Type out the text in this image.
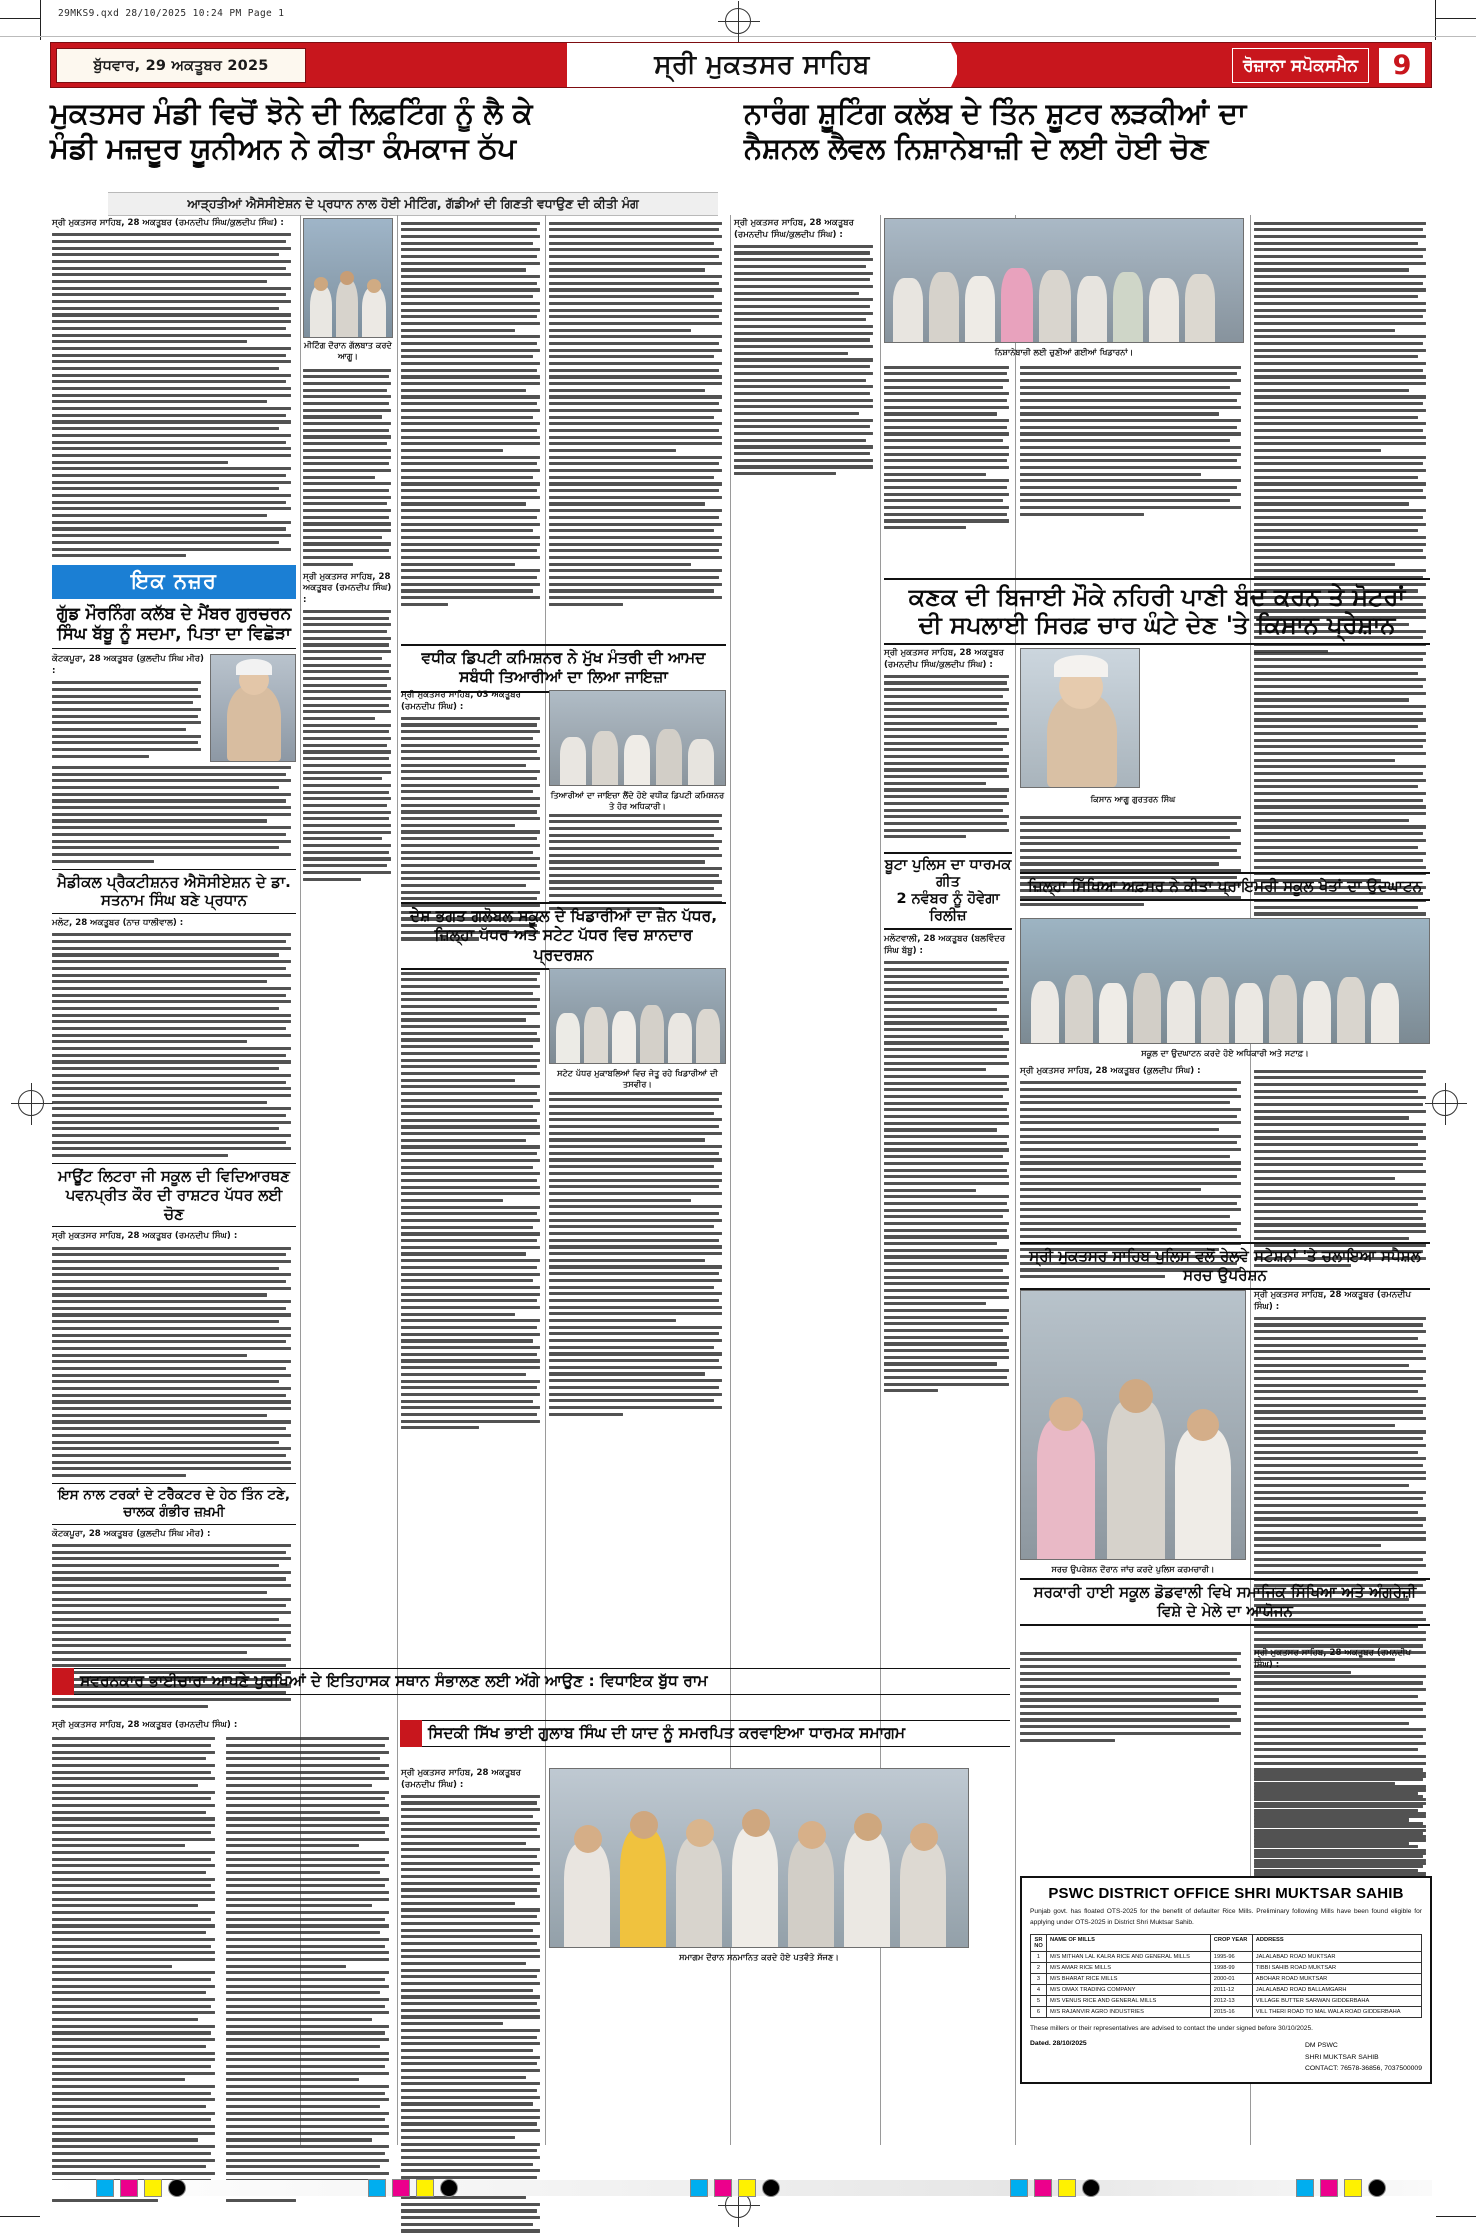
29MKS9.qxd 28/10/2025 10:24 PM Page 1
ਬੁੱਧਵਾਰ, 29 ਅਕਤੂਬਰ 2025	ਸ੍ਰੀ ਮੁਕਤਸਰ ਸਾਹਿਬ	ਰੋਜ਼ਾਨਾ ਸਪੋਕਸਮੈਨ	9
ਮੁਕਤਸਰ ਮੰਡੀ ਵਿਚੋਂ ਝੋਨੇ ਦੀ ਲਿਫ਼ਟਿੰਗ ਨੂੰ ਲੈ ਕੇ
ਮੰਡੀ ਮਜ਼ਦੂਰ ਯੂਨੀਅਨ ਨੇ ਕੀਤਾ ਕੰਮਕਾਜ ਠੱਪ
ਨਾਰੰਗ ਸ਼ੂਟਿੰਗ ਕਲੱਬ ਦੇ ਤਿੰਨ ਸ਼ੂਟਰ ਲੜਕੀਆਂ ਦਾ
ਨੈਸ਼ਨਲ ਲੈਵਲ ਨਿਸ਼ਾਨੇਬਾਜ਼ੀ ਦੇ ਲਈ ਹੋਈ ਚੋਣ
ਆੜ੍ਹਤੀਆਂ ਐਸੋਸੀਏਸ਼ਨ ਦੇ ਪ੍ਰਧਾਨ ਨਾਲ ਹੋਈ ਮੀਟਿੰਗ, ਗੱਡੀਆਂ ਦੀ ਗਿਣਤੀ ਵਧਾਉਣ ਦੀ ਕੀਤੀ ਮੰਗ
ਸ੍ਰੀ ਮੁਕਤਸਰ ਸਾਹਿਬ, 28 ਅਕਤੂਬਰ (ਰਮਨਦੀਪ ਸਿੰਘ/ਕੁਲਦੀਪ ਸਿੰਘ) :
ਇਕ ਨਜ਼ਰ
ਗੁੱਡ ਮੌਰਨਿੰਗ ਕਲੱਬ ਦੇ ਮੈਂਬਰ ਗੁਰਚਰਨ ਸਿੰਘ ਬੱਬੂ ਨੂੰ ਸਦਮਾ, ਪਿਤਾ ਦਾ ਵਿਛੋੜਾ
ਕੋਟਕਪੂਰਾ, 28 ਅਕਤੂਬਰ (ਕੁਲਦੀਪ ਸਿੰਘ ਮੀਰ) :
ਮੈਡੀਕਲ ਪ੍ਰੈਕਟੀਸ਼ਨਰ ਐਸੋਸੀਏਸ਼ਨ ਦੇ ਡਾ. ਸਤਨਾਮ ਸਿੰਘ ਬਣੇ ਪ੍ਰਧਾਨ
ਮਲੋਟ, 28 ਅਕਤੂਬਰ (ਨਾਜ਼ ਧਾਲੀਵਾਲ) :
ਮਾਊਂਟ ਲਿਟਰਾ ਜੀ ਸਕੂਲ ਦੀ ਵਿਦਿਆਰਥਣ ਪਵਨਪ੍ਰੀਤ ਕੌਰ ਦੀ ਰਾਸ਼ਟਰ ਪੱਧਰ ਲਈ ਚੋਣ
ਸ੍ਰੀ ਮੁਕਤਸਰ ਸਾਹਿਬ, 28 ਅਕਤੂਬਰ (ਰਮਨਦੀਪ ਸਿੰਘ) :
ਇਸ ਨਾਲ ਟਰਕਾਂ ਦੇ ਟਰੈਕਟਰ ਦੇ ਹੇਠ ਤਿੰਨ ਟਣੇ, ਚਾਲਕ ਗੰਭੀਰ ਜ਼ਖ਼ਮੀ
ਕੋਟਕਪੂਰਾ, 28 ਅਕਤੂਬਰ (ਕੁਲਦੀਪ ਸਿੰਘ ਮੀਰ) :
ਮੀਟਿੰਗ ਦੌਰਾਨ ਗੱਲਬਾਤ ਕਰਦੇ ਆਗੂ।
ਸ੍ਰੀ ਮੁਕਤਸਰ ਸਾਹਿਬ, 28 ਅਕਤੂਬਰ (ਰਮਨਦੀਪ ਸਿੰਘ) :
ਸ੍ਰੀ ਮੁਕਤਸਰ ਸਾਹਿਬ, 28 ਅਕਤੂਬਰ (ਰਮਨਦੀਪ ਸਿੰਘ/ਕੁਲਦੀਪ ਸਿੰਘ) :
ਨਿਸ਼ਾਨੇਬਾਜ਼ੀ ਲਈ ਚੁਣੀਆਂ ਗਈਆਂ ਖਿਡਾਰਨਾਂ।
ਵਧੀਕ ਡਿਪਟੀ ਕਮਿਸ਼ਨਰ ਨੇ ਮੁੱਖ ਮੰਤਰੀ ਦੀ ਆਮਦ ਸਬੰਧੀ ਤਿਆਰੀਆਂ ਦਾ ਲਿਆ ਜਾਇਜ਼ਾ
ਸ੍ਰੀ ਮੁਕਤਸਰ ਸਾਹਿਬ, 03 ਅਕਤੂਬਰ (ਰਮਨਦੀਪ ਸਿੰਘ) :
ਤਿਆਰੀਆਂ ਦਾ ਜਾਇਜ਼ਾ ਲੈਂਦੇ ਹੋਏ ਵਧੀਕ ਡਿਪਟੀ ਕਮਿਸ਼ਨਰ ਤੇ ਹੋਰ ਅਧਿਕਾਰੀ।
ਦੇਸ਼ ਭਗਤ ਗਲੋਬਲ ਸਕੂਲ ਦੇ ਖਿਡਾਰੀਆਂ ਦਾ ਜ਼ੋਨ ਪੱਧਰ, ਜ਼ਿਲ੍ਹਾ ਪੱਧਰ ਅਤੇ ਸਟੇਟ ਪੱਧਰ ਵਿਚ ਸ਼ਾਨਦਾਰ ਪ੍ਰਦਰਸ਼ਨ
ਸਟੇਟ ਪੱਧਰ ਮੁਕਾਬਲਿਆਂ ਵਿਚ ਜੇਤੂ ਰਹੇ ਖਿਡਾਰੀਆਂ ਦੀ ਤਸਵੀਰ।
ਕਣਕ ਦੀ ਬਿਜਾਈ ਮੌਕੇ ਨਹਿਰੀ ਪਾਣੀ ਬੰਦ ਕਰਨ ਤੇ ਮੋਟਰਾਂ
ਦੀ ਸਪਲਾਈ ਸਿਰਫ਼ ਚਾਰ ਘੰਟੇ ਦੇਣ 'ਤੇ ਕਿਸਾਨ ਪ੍ਰੇਸ਼ਾਨ
ਸ੍ਰੀ ਮੁਕਤਸਰ ਸਾਹਿਬ, 28 ਅਕਤੂਬਰ (ਰਮਨਦੀਪ ਸਿੰਘ/ਕੁਲਦੀਪ ਸਿੰਘ) :
ਕਿਸਾਨ ਆਗੂ ਗੁਰਤਰਨ ਸਿੰਘ
ਬੂਟਾ ਪੁਲਿਸ ਦਾ ਧਾਰਮਕ ਗੀਤ
2 ਨਵੰਬਰ ਨੂੰ ਹੋਵੇਗਾ ਰਿਲੀਜ਼
ਮਲੋਟਵਾਲੀ, 28 ਅਕਤੂਬਰ (ਬਲਵਿੰਦਰ ਸਿੰਘ ਬੱਬੂ) :
ਜ਼ਿਲ੍ਹਾ ਸਿੱਖਿਆ ਅਫ਼ਸਰ ਨੇ ਕੀਤਾ ਪ੍ਰਾਇਮਰੀ ਸਕੂਲ ਖੇਤਾਂ ਦਾ ਉਦਘਾਟਨ
ਸਕੂਲ ਦਾ ਉਦਘਾਟਨ ਕਰਦੇ ਹੋਏ ਅਧਿਕਾਰੀ ਅਤੇ ਸਟਾਫ਼।
ਸ੍ਰੀ ਮੁਕਤਸਰ ਸਾਹਿਬ, 28 ਅਕਤੂਬਰ (ਕੁਲਦੀਪ ਸਿੰਘ) :
ਸ੍ਰੀ ਮੁਕਤਸਰ ਸਾਹਿਬ ਪੁਲਿਸ ਵਲੋਂ ਰੇਲਵੇ ਸਟੇਸ਼ਨਾਂ 'ਤੇ ਚਲਾਇਆ ਸਪੈਸ਼ਲ ਸਰਚ ਉਪਰੇਸ਼ਨ
ਸਰਚ ਉਪਰੇਸ਼ਨ ਦੌਰਾਨ ਜਾਂਚ ਕਰਦੇ ਪੁਲਿਸ ਕਰਮਚਾਰੀ।
ਸ੍ਰੀ ਮੁਕਤਸਰ ਸਾਹਿਬ, 28 ਅਕਤੂਬਰ (ਰਮਨਦੀਪ ਸਿੰਘ) :
ਸਰਕਾਰੀ ਹਾਈ ਸਕੂਲ ਡੋਡਵਾਲੀ ਵਿਖੇ ਸਮਾਜਿਕ ਸਿੱਖਿਆ ਅਤੇ ਅੰਗਰੇਜ਼ੀ ਵਿਸ਼ੇ ਦੇ ਮੇਲੇ ਦਾ ਆਯੋਜਨ
ਸ੍ਰੀ ਮੁਕਤਸਰ ਸਾਹਿਬ, 28 ਅਕਤੂਬਰ (ਰਮਨਦੀਪ ਸਿੰਘ) :
ਸਵਰਨਕਾਰ ਭਾਈਚਾਰਾ ਆਪਣੇ ਪੁਰਖਿਆਂ ਦੇ ਇਤਿਹਾਸਕ ਸਥਾਨ ਸੰਭਾਲਣ ਲਈ ਅੱਗੇ ਆਉਣ : ਵਿਧਾਇਕ ਬੁੱਧ ਰਾਮ
ਸਿਦਕੀ ਸਿੱਖ ਭਾਈ ਗੁਲਾਬ ਸਿੰਘ ਦੀ ਯਾਦ ਨੂੰ ਸਮਰਪਿਤ ਕਰਵਾਇਆ ਧਾਰਮਕ ਸਮਾਗਮ
ਸਮਾਗਮ ਦੌਰਾਨ ਸਨਮਾਨਿਤ ਕਰਦੇ ਹੋਏ ਪਤਵੰਤੇ ਸੱਜਣ।
ਸ੍ਰੀ ਮੁਕਤਸਰ ਸਾਹਿਬ, 28 ਅਕਤੂਬਰ (ਰਮਨਦੀਪ ਸਿੰਘ) :
ਸ੍ਰੀ ਮੁਕਤਸਰ ਸਾਹਿਬ, 28 ਅਕਤੂਬਰ (ਰਮਨਦੀਪ ਸਿੰਘ) :
PSWC DISTRICT OFFICE SHRI MUKTSAR SAHIB
Punjab govt. has floated OTS-2025 for the benefit of defaulter Rice Mills. Preliminary following Mills have been found eligible for applying under OTS-2025 in District Shri Muktsar Sahib.
SR NO	NAME OF MILLS	CROP YEAR	ADDRESS
1	M/S MITHAN LAL KALRA RICE AND GENERAL MILLS	1995-96	JALALABAD ROAD MUKTSAR
2	M/S AMAR RICE MILLS	1998-99	TIBBI SAHIB ROAD MUKTSAR
3	M/S BHARAT RICE MILLS	2000-01	ABOHAR ROAD MUKTSAR
4	M/S OMAX TRADING COMPANY	2011-12	JALALABAD ROAD BALLAMGARH
5	M/S VENUS RICE AND GENERAL MILLS	2012-13	VILLAGE BUTTER SARWAN GIDDERBAHA
6	M/S RAJANVIR AGRO INDUSTRIES	2015-16	VILL THERI ROAD TO MAL WALA ROAD GIDDERBAHA
These millers or their representatives are advised to contact the under signed before 30/10/2025.
Dated. 28/10/2025	DM PSWC
SHRI MUKTSAR SAHIB
CONTACT: 76578-36856, 7037500009
